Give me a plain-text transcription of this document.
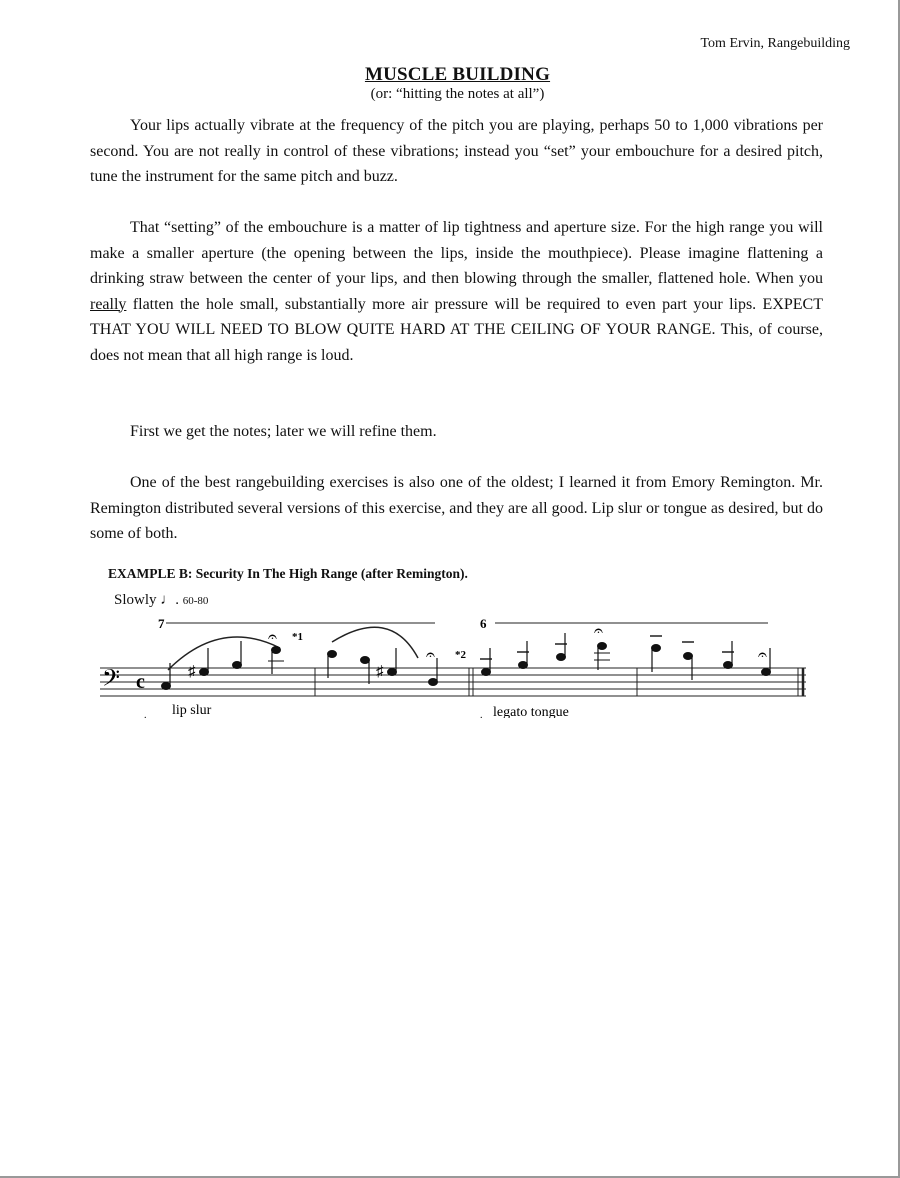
Tom Ervin, Rangebuilding
MUSCLE BUILDING
(or: “hitting the notes at all”)

Your lips actually vibrate at the frequency of the pitch you are playing, perhaps 50 to 1,000 vibrations per second. You are not really in control of these vibrations; instead you “set” your embouchure for a desired pitch, tune the instrument for the same pitch and buzz.

That “setting” of the embouchure is a matter of lip tightness and aperture size. For the high range you will make a smaller aperture (the opening between the lips, inside the mouthpiece). Please imagine flattening a drinking straw between the center of your lips, and then blowing through the smaller, flattened hole. When you really flatten the hole small, substantially more air pressure will be required to even part your lips. EXPECT THAT YOU WILL NEED TO BLOW QUITE HARD AT THE CEILING OF YOUR RANGE. This, of course, does not mean that all high range is loud.

First we get the notes; later we will refine them.

One of the best rangebuilding exercises is also one of the oldest; I learned it from Emory Remington. Mr. Remington distributed several versions of this exercise, and they are all good. Lip slur or tongue as desired, but do some of both.

EXAMPLE B: Security In The High Range (after Remington).
Slowly ♩. 60-80
𝄢 c
7	6
♯
𝄐 *1
♯
𝄐 *2
𝄐
𝄐
. lip slur	. legato tongue
